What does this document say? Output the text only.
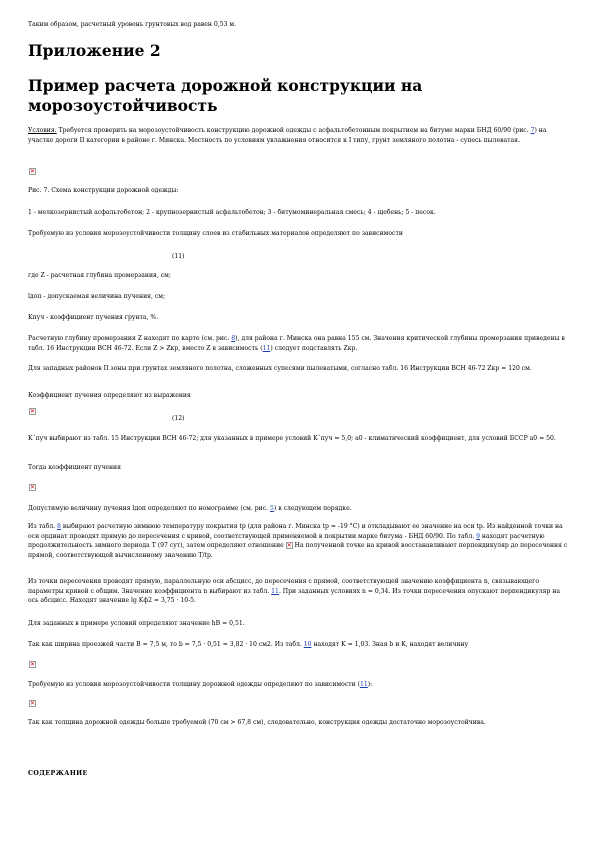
Таким образом, расчетный уровень грунтовых вод равен 0,53 м.
Приложение 2
Пример расчета дорожной конструкции на морозоустойчивость
Условия. Требуется проверить на морозоустойчивость конструкцию дорожной одежды с асфальтобетонным покрытием на битуме марки БНД 60/90 (рис. 7) на участке дороги II категории в районе г. Минска. Местность по условиям увлажнения относится к I типу, грунт земляного полотна - супесь пылеватая.
✕
Рис. 7. Схема конструкции дорожной одежды:
1 - мелкозернистый асфальтобетон; 2 - крупнозернистый асфальтобетон; 3 - битумоминеральная смесь; 4 - щебень; 5 - песок.
Требуемую из условия морозоустойчивости толщину слоев из стабильных материалов определяют по зависимости
(11)
где Z - расчетная глубина промерзания, см;
lдоп - допускаемая величина пучения, см;
Kпуч - коэффициент пучения грунта, %.
Расчетную глубину промерзания Z находят по карте (см. рис. 8), для района г. Минска она равна 155 см. Значения критической глубины промерзания приведены в табл. 16 Инструкции ВСН 46-72. Если Z > Zкр, вместо Z в зависимость (11) следует подставлять Zкр.
Для западных районов II зоны при грунтах земляного полотна, сложенных супесями пылеватыми, согласно табл. 16 Инструкции ВСН 46-72 Zкр = 120 см.
Коэффициент пучения определяют из выражения
✕
(12)
K´пуч выбирают из табл. 15 Инструкции ВСН 46-72; для указанных в примере условий K´пуч = 5,0; a0 - климатический коэффициент, для условий БССР a0 = 50.
Тогда коэффициент пучения
✕
Допустимую величину пучения lдоп определяют по номограмме (см. рис. 5) в следующем порядке.
Из табл. 8 выбирают расчетную зимнюю температуру покрытия tр (для района г. Минска tр = -19 °С) и откладывают ее значение на оси tр. Из найденной точки на оси ординат проводят прямую до пересечения с кривой, соответствующей применяемой в покрытии марке битума - БНД 60/90. По табл. 9 находят расчетную продолжительность зимнего периода T (97 сут), затем определяют отношение ✕ На полученной точке на кривой восстанавливают перпендикуляр до пересечения с прямой, соответствующей вычисленному значению T/tр.
Из точки пересечения проводят прямую, параллельную оси абсцисс, до пересечения с прямой, соответствующей значению коэффициента n, связывающего параметры кривой с общим. Значение коэффициента n выбирают из табл. 11. При заданных условиях n = 0,34. Из точки пересечения опускают перпендикуляр на ось абсцисс. Находят значение lg Kф2 = 3,75 · 10-5.
Для заданных в примере условий определяют значение hВ = 0,51.
Так как ширина проезжей части B = 7,5 м, то b = 7,5 · 0,51 = 3,82 · 10 см2. Из табл. 10 находят K = 1,03. Зная b и K, находят величину
✕
Требуемую из условия морозоустойчивости толщину дорожной одежды определяют по зависимости (11):
✕
Так как толщина дорожной одежды больше требуемой (70 см > 67,8 см), следовательно, конструкция одежды достаточно морозоустойчива.
СОДЕРЖАНИЕ
